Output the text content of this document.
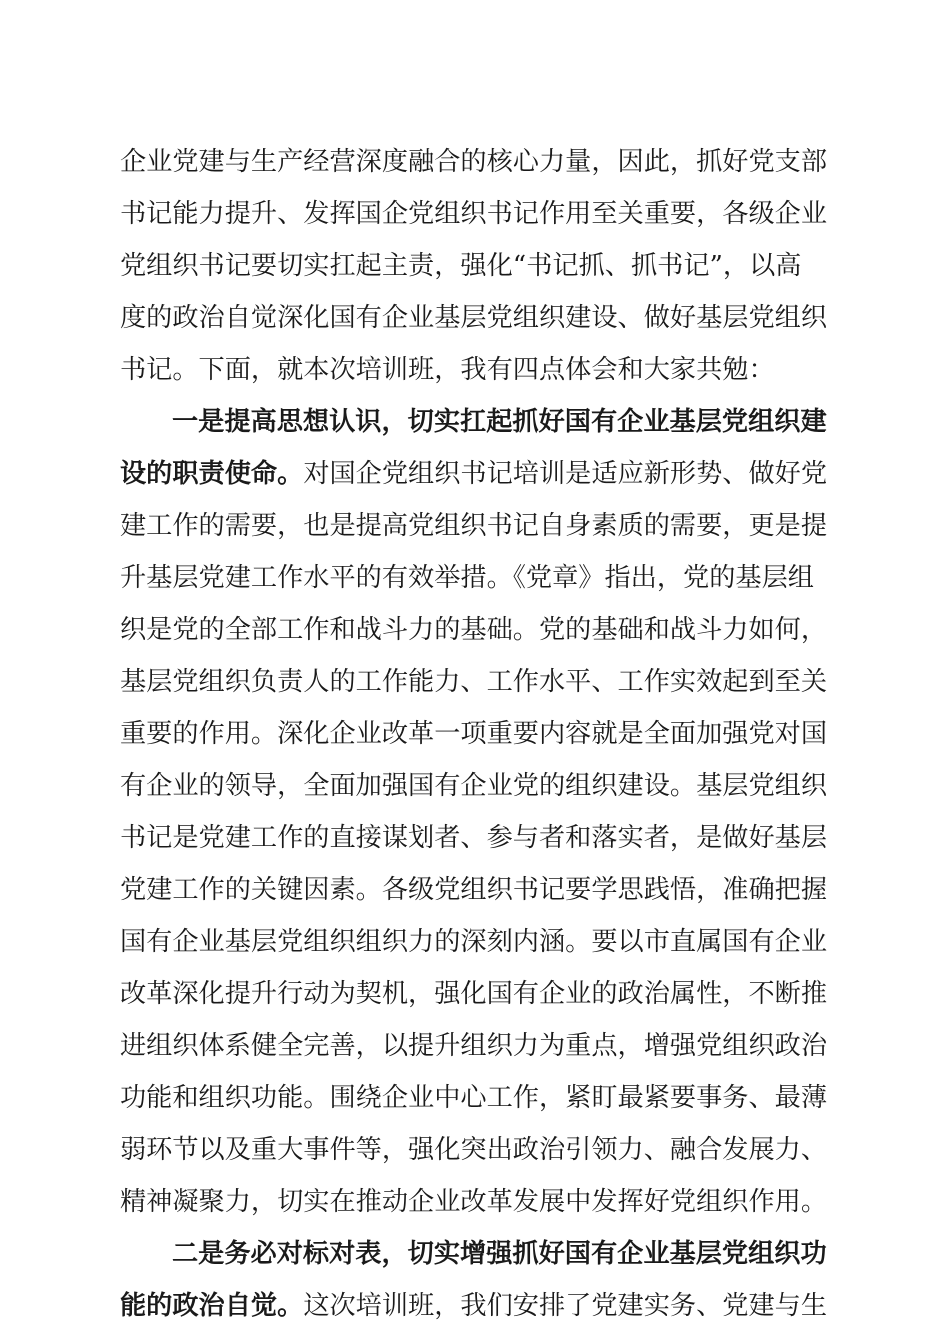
企业党建与生产经营深度融合的核心力量，因此，抓好党支部
书记能力提升、发挥国企党组织书记作用至关重要，各级企业
党组织书记要切实扛起主责，强化“书记抓、抓书记”，以高
度的政治自觉深化国有企业基层党组织建设、做好基层党组织
书记。下面，就本次培训班，我有四点体会和大家共勉：
一是提高思想认识，切实扛起抓好国有企业基层党组织建
设的职责使命。对国企党组织书记培训是适应新形势、做好党
建工作的需要，也是提高党组织书记自身素质的需要，更是提
升基层党建工作水平的有效举措。《党章》指出，党的基层组
织是党的全部工作和战斗力的基础。党的基础和战斗力如何，
基层党组织负责人的工作能力、工作水平、工作实效起到至关
重要的作用。深化企业改革一项重要内容就是全面加强党对国
有企业的领导，全面加强国有企业党的组织建设。基层党组织
书记是党建工作的直接谋划者、参与者和落实者，是做好基层
党建工作的关键因素。各级党组织书记要学思践悟，准确把握
国有企业基层党组织组织力的深刻内涵。要以市直属国有企业
改革深化提升行动为契机，强化国有企业的政治属性，不断推
进组织体系健全完善，以提升组织力为重点，增强党组织政治
功能和组织功能。围绕企业中心工作，紧盯最紧要事务、最薄
弱环节以及重大事件等，强化突出政治引领力、融合发展力、
精神凝聚力，切实在推动企业改革发展中发挥好党组织作用。
二是务必对标对表，切实增强抓好国有企业基层党组织功
能的政治自觉。这次培训班，我们安排了党建实务、党建与生
